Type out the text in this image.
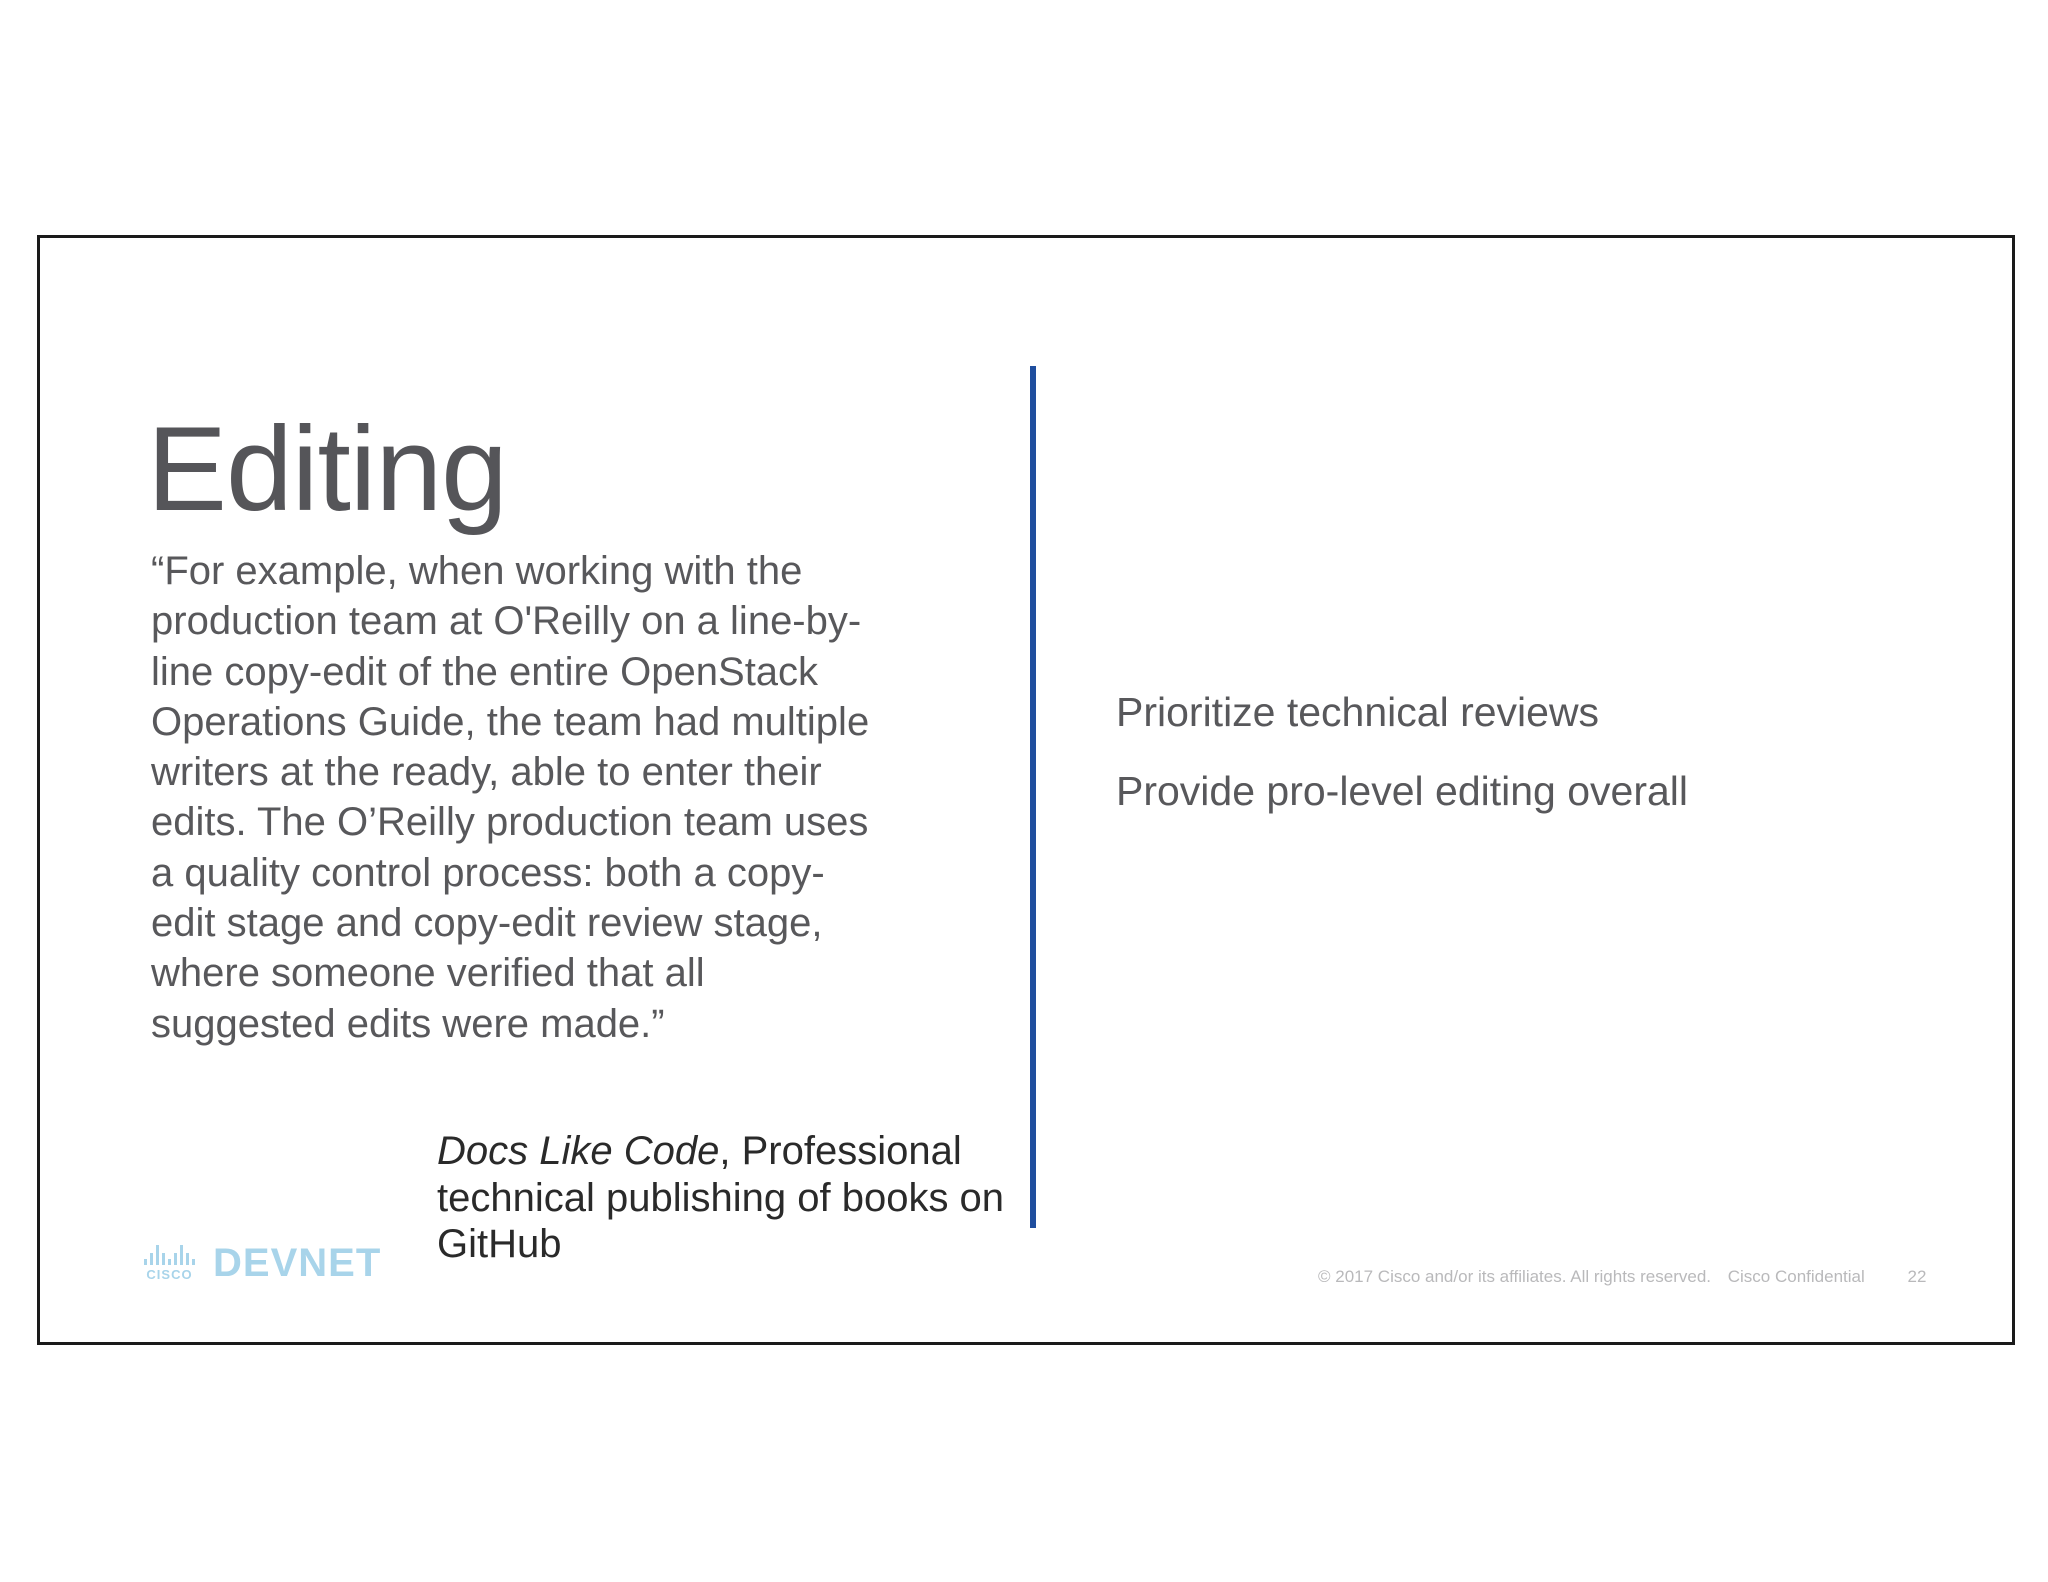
Editing

“For example, when working with the production team at O'Reilly on a line-by-line copy-edit of the entire OpenStack Operations Guide, the team had multiple writers at the ready, able to enter their edits. The O’Reilly production team uses a quality control process: both a copy-edit stage and copy-edit review stage, where someone verified that all suggested edits were made.”

Docs Like Code, Professional technical publishing of books on GitHub

Prioritize technical reviews
Provide pro-level editing overall
CISCO DEVNET	© 2017 Cisco and/or its affiliates. All rights reserved. Cisco Confidential	22
